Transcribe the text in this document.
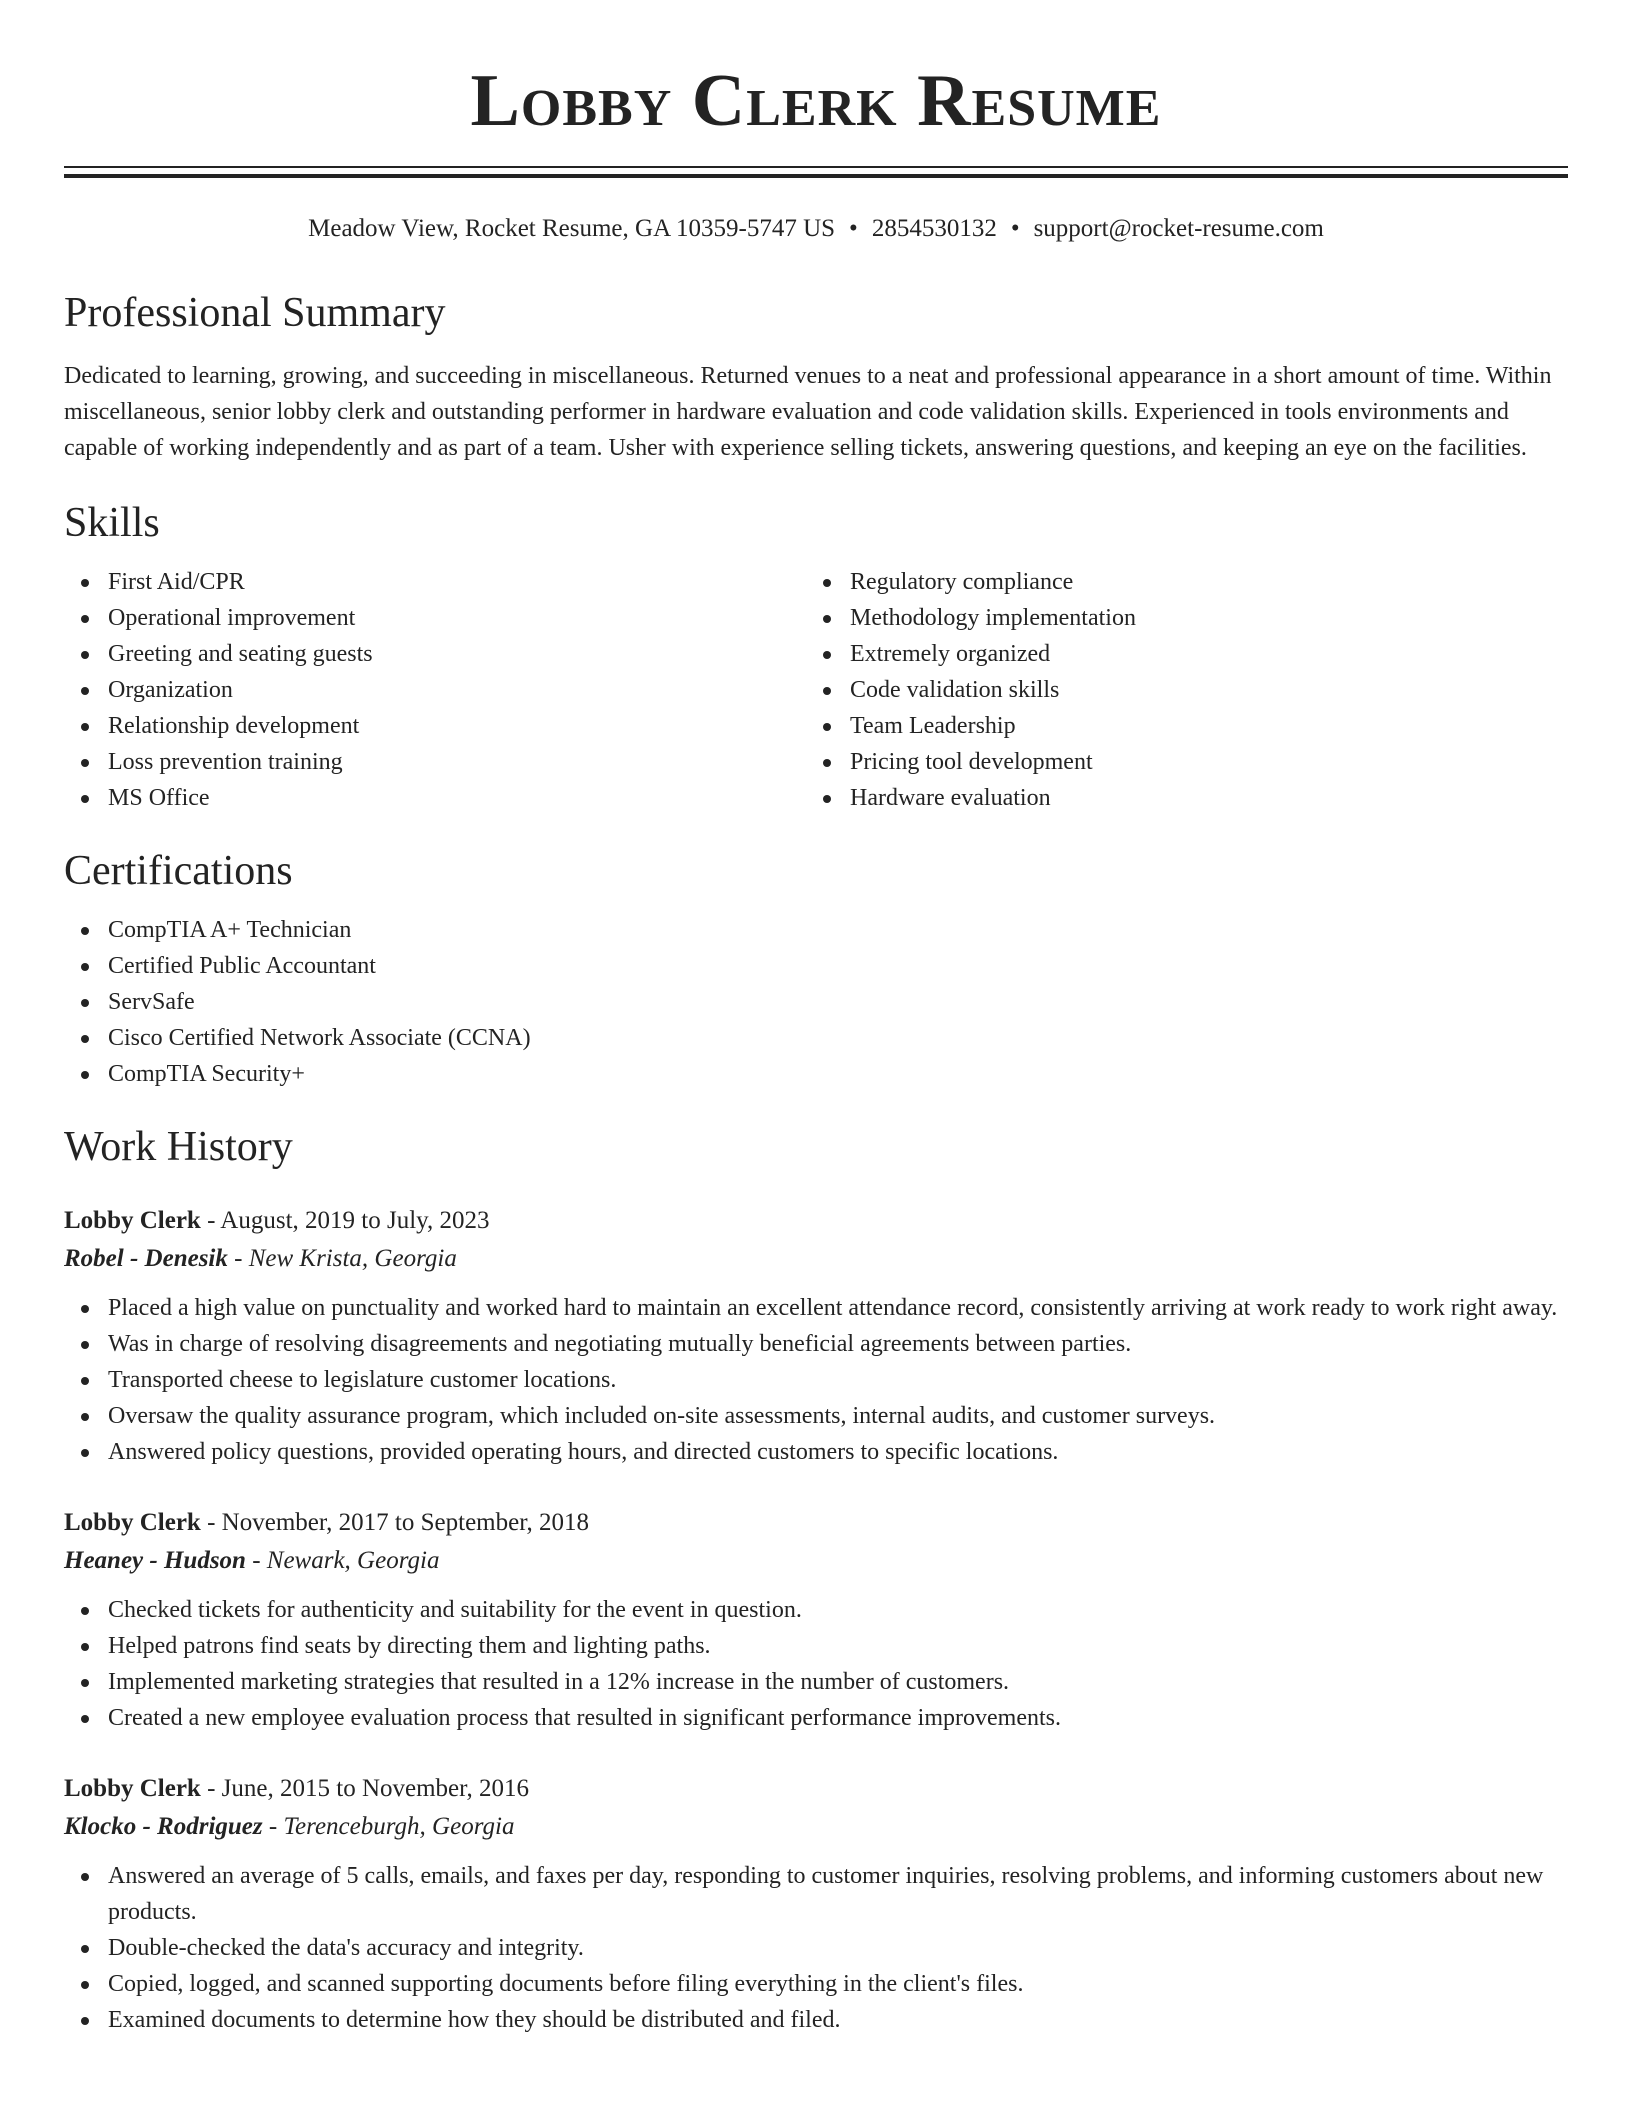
Lobby Clerk Resume
Meadow View, Rocket Resume, GA 10359-5747 US • 2854530132 • support@rocket-resume.com
Professional Summary

Dedicated to learning, growing, and succeeding in miscellaneous. Returned venues to a neat and professional appearance in a short amount of time. Within miscellaneous, senior lobby clerk and outstanding performer in hardware evaluation and code validation skills. Experienced in tools environments and capable of working independently and as part of a team. Usher with experience selling tickets, answering questions, and keeping an eye on the facilities.

Skills
First Aid/CPR
Operational improvement
Greeting and seating guests
Organization
Relationship development
Loss prevention training
MS Office
Regulatory compliance
Methodology implementation
Extremely organized
Code validation skills
Team Leadership
Pricing tool development
Hardware evaluation
Certifications
CompTIA A+ Technician
Certified Public Accountant
ServSafe
Cisco Certified Network Associate (CCNA)
CompTIA Security+
Work History
Lobby Clerk - August, 2019 to July, 2023
Robel - Denesik - New Krista, Georgia
Placed a high value on punctuality and worked hard to maintain an excellent attendance record, consistently arriving at work ready to work right away.
Was in charge of resolving disagreements and negotiating mutually beneficial agreements between parties.
Transported cheese to legislature customer locations.
Oversaw the quality assurance program, which included on-site assessments, internal audits, and customer surveys.
Answered policy questions, provided operating hours, and directed customers to specific locations.
Lobby Clerk - November, 2017 to September, 2018
Heaney - Hudson - Newark, Georgia
Checked tickets for authenticity and suitability for the event in question.
Helped patrons find seats by directing them and lighting paths.
Implemented marketing strategies that resulted in a 12% increase in the number of customers.
Created a new employee evaluation process that resulted in significant performance improvements.
Lobby Clerk - June, 2015 to November, 2016
Klocko - Rodriguez - Terenceburgh, Georgia
Answered an average of 5 calls, emails, and faxes per day, responding to customer inquiries, resolving problems, and informing customers about new products.
Double-checked the data's accuracy and integrity.
Copied, logged, and scanned supporting documents before filing everything in the client's files.
Examined documents to determine how they should be distributed and filed.
